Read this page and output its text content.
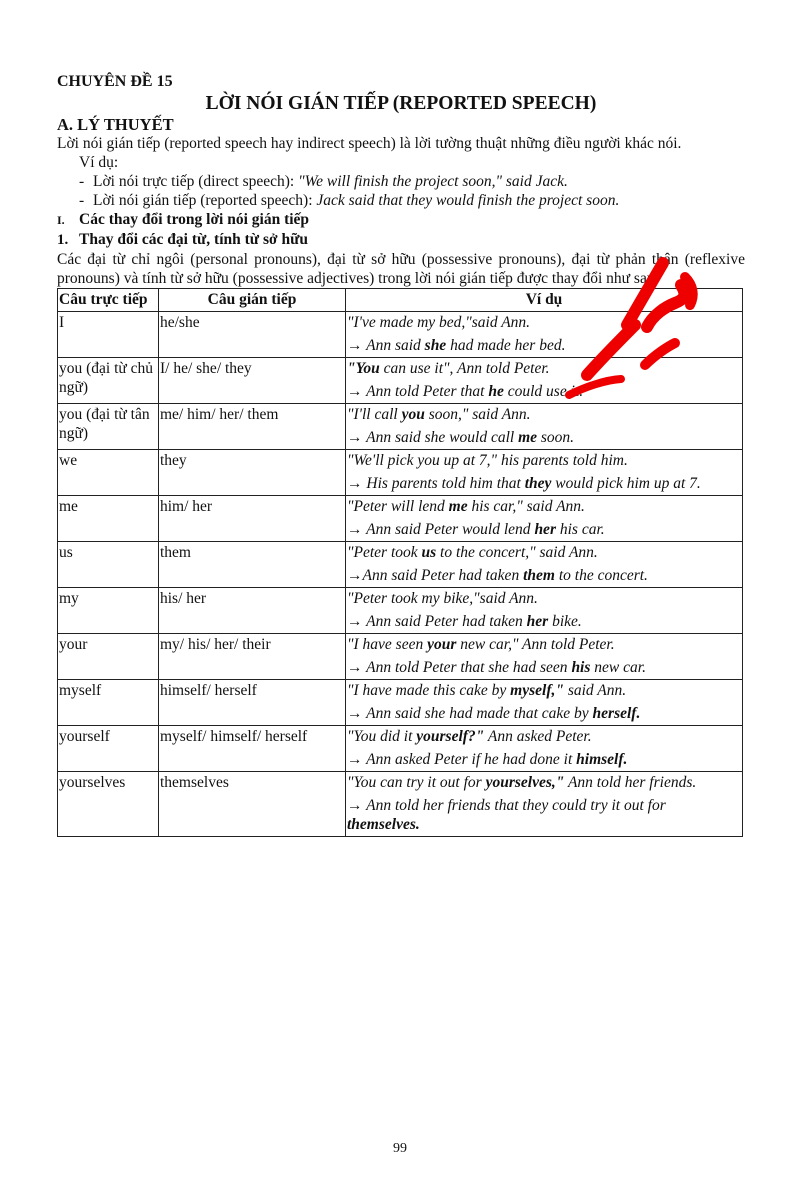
CHUYÊN ĐỀ 15
LỜI NÓI GIÁN TIẾP (REPORTED SPEECH)
A. LÝ THUYẾT
Lời nói gián tiếp (reported speech hay indirect speech) là lời tường thuật những điều người khác nói.
Ví dụ:
- Lời nói trực tiếp (direct speech): "We will finish the project soon," said Jack.
- Lời nói gián tiếp (reported speech): Jack said that they would finish the project soon.
I. Các thay đổi trong lời nói gián tiếp
1. Thay đổi các đại từ, tính từ sở hữu
Các đại từ chỉ ngôi (personal pronouns), đại từ sở hữu (possessive pronouns), đại từ phản thân (reflexive pronouns) và tính từ sở hữu (possessive adjectives) trong lời nói gián tiếp được thay đổi như sau:
Câu trực tiếp	Câu gián tiếp	Ví dụ
I	he/she	"I've made my bed,"said Ann.
→ Ann said she had made her bed.

you (đại từ chủ ngữ)	I/ he/ she/ they	"You can use it", Ann told Peter.
→ Ann told Peter that he could use it.

you (đại từ tân ngữ)	me/ him/ her/ them	"I'll call you soon," said Ann.
→ Ann said she would call me soon.

we	they	"We'll pick you up at 7," his parents told him.
→ His parents told him that they would pick him up at 7.

me	him/ her	"Peter will lend me his car," said Ann.
→ Ann said Peter would lend her his car.

us	them	"Peter took us to the concert," said Ann.
→Ann said Peter had taken them to the concert.

my	his/ her	"Peter took my bike,"said Ann.
→ Ann said Peter had taken her bike.

your	my/ his/ her/ their	"I have seen your new car," Ann told Peter.
→ Ann told Peter that she had seen his new car.

myself	himself/ herself	"I have made this cake by myself," said Ann.
→ Ann said she had made that cake by herself.

yourself	myself/ himself/ herself	"You did it yourself?" Ann asked Peter.
→ Ann asked Peter if he had done it himself.

yourselves	themselves	"You can try it out for yourselves," Ann told her friends.
→ Ann told her friends that they could try it out for themselves.
99
